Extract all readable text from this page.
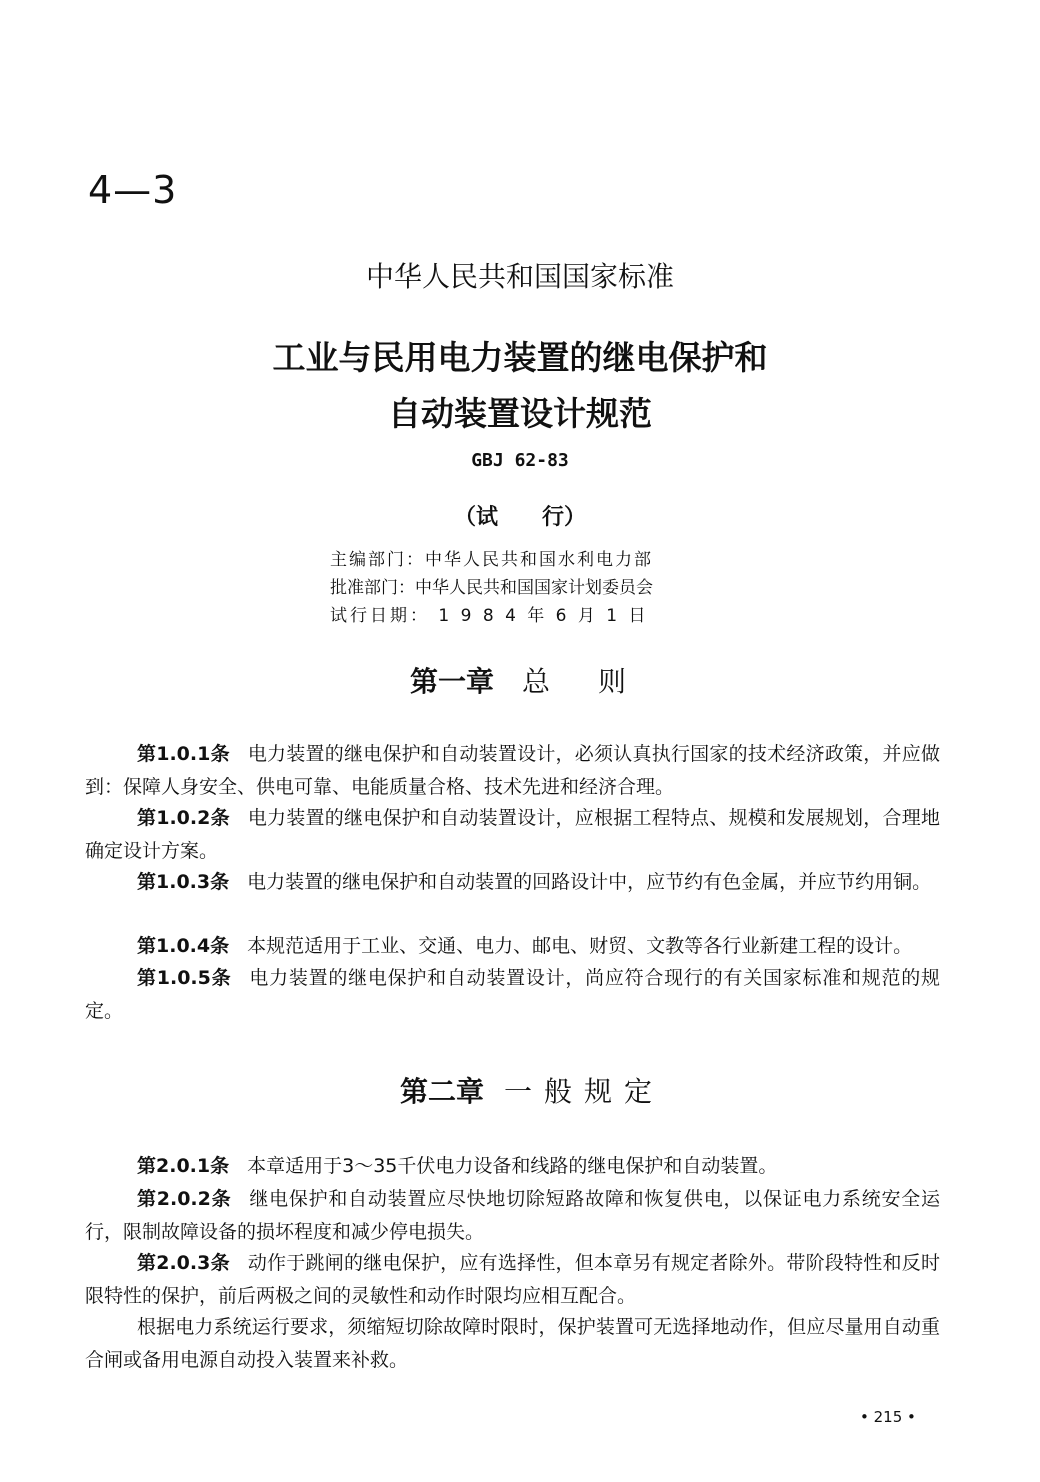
4—3
中华人民共和国国家标准
工业与民用电力装置的继电保护和
自动装置设计规范
GBJ 62-83
（试　　行）
主编部门：中华人民共和国水利电力部
批准部门：中华人民共和国国家计划委员会
试行日期： 1 9 8 4 年 6 月 1 日
第一章 总则
第1.0.1条 电力装置的继电保护和自动装置设计，必须认真执行国家的技术经济政策，并应做到：保障人身安全、供电可靠、电能质量合格、技术先进和经济合理。
第1.0.2条 电力装置的继电保护和自动装置设计，应根据工程特点、规模和发展规划，合理地确定设计方案。
第1.0.3条 电力装置的继电保护和自动装置的回路设计中，应节约有色金属，并应节约用铜。
第1.0.4条 本规范适用于工业、交通、电力、邮电、财贸、文教等各行业新建工程的设计。
第1.0.5条 电力装置的继电保护和自动装置设计，尚应符合现行的有关国家标准和规范的规定。
第二章 一般规定
第2.0.1条 本章适用于3～35千伏电力设备和线路的继电保护和自动装置。
第2.0.2条 继电保护和自动装置应尽快地切除短路故障和恢复供电，以保证电力系统安全运行，限制故障设备的损坏程度和减少停电损失。
第2.0.3条 动作于跳闸的继电保护，应有选择性，但本章另有规定者除外。带阶段特性和反时限特性的保护，前后两极之间的灵敏性和动作时限均应相互配合。
根据电力系统运行要求，须缩短切除故障时限时，保护装置可无选择地动作，但应尽量用自动重合闸或备用电源自动投入装置来补救。
• 215 •
